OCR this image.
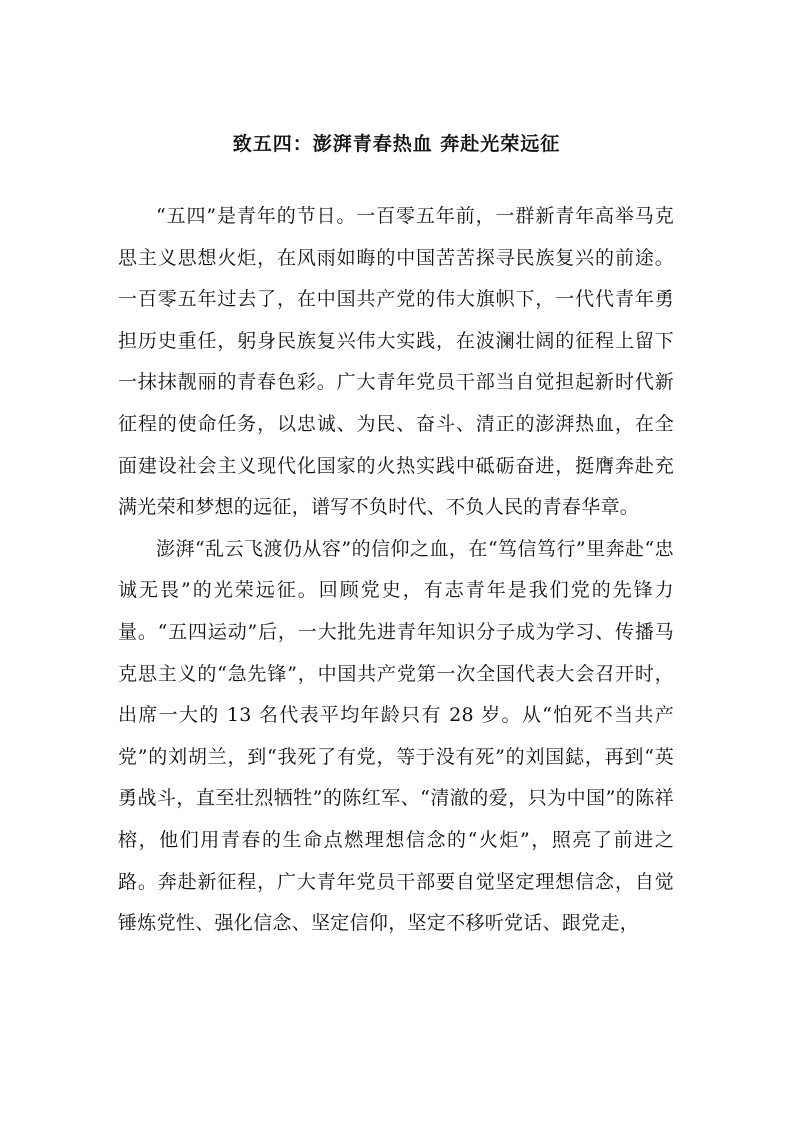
致五四：澎湃青春热血 奔赴光荣远征

“五四”是青年的节日。一百零五年前，一群新青年高举马克思主义思想火炬，在风雨如晦的中国苦苦探寻民族复兴的前途。一百零五年过去了，在中国共产党的伟大旗帜下，一代代青年勇担历史重任，躬身民族复兴伟大实践，在波澜壮阔的征程上留下一抹抹靓丽的青春色彩。广大青年党员干部当自觉担起新时代新征程的使命任务，以忠诚、为民、奋斗、清正的澎湃热血，在全面建设社会主义现代化国家的火热实践中砥砺奋进，挺膺奔赴充满光荣和梦想的远征，谱写不负时代、不负人民的青春华章。

澎湃“乱云飞渡仍从容”的信仰之血，在“笃信笃行”里奔赴“忠诚无畏”的光荣远征。回顾党史，有志青年是我们党的先锋力量。“五四运动”后，一大批先进青年知识分子成为学习、传播马克思主义的“急先锋”，中国共产党第一次全国代表大会召开时，出席一大的 13 名代表平均年龄只有 28 岁。从“怕死不当共产党”的刘胡兰，到“我死了有党，等于没有死”的刘国鋕，再到“英勇战斗，直至壮烈牺牲”的陈红军、“清澈的爱，只为中国”的陈祥榕，他们用青春的生命点燃理想信念的“火炬”，照亮了前进之路。奔赴新征程，广大青年党员干部要自觉坚定理想信念，自觉锤炼党性、强化信念、坚定信仰，坚定不移听党话、跟党走，
